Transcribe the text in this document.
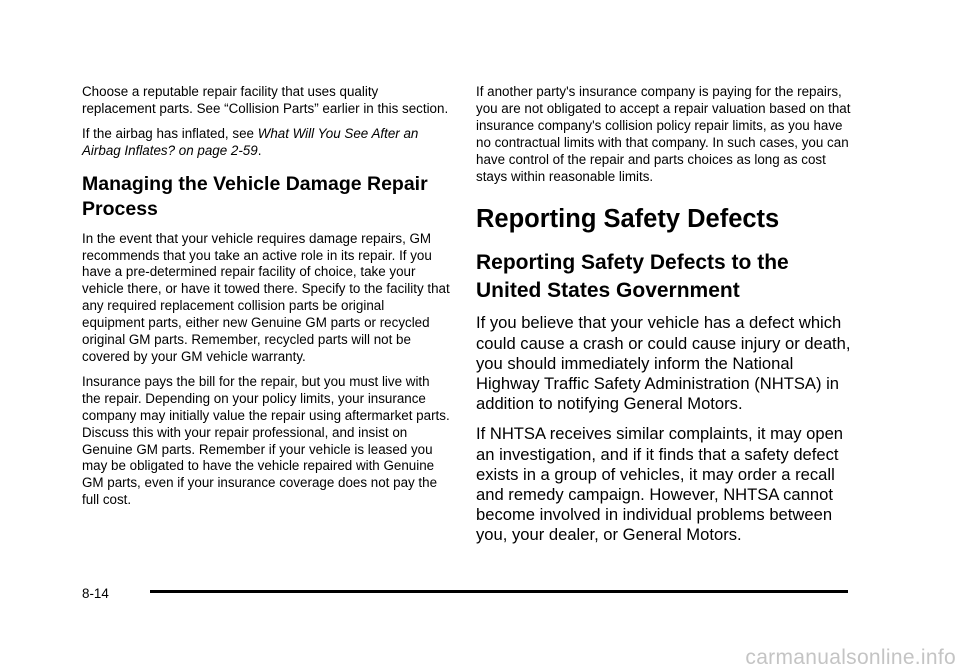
Choose a reputable repair facility that uses quality replacement parts. See “Collision Parts” earlier in this section.

If the airbag has inflated, see What Will You See After an Airbag Inflates? on page 2-59.

Managing the Vehicle Damage Repair Process

In the event that your vehicle requires damage repairs, GM recommends that you take an active role in its repair. If you have a pre-determined repair facility of choice, take your vehicle there, or have it towed there. Specify to the facility that any required replacement collision parts be original equipment parts, either new Genuine GM parts or recycled original GM parts. Remember, recycled parts will not be covered by your GM vehicle warranty.

Insurance pays the bill for the repair, but you must live with the repair. Depending on your policy limits, your insurance company may initially value the repair using aftermarket parts. Discuss this with your repair professional, and insist on Genuine GM parts. Remember if your vehicle is leased you may be obligated to have the vehicle repaired with Genuine GM parts, even if your insurance coverage does not pay the full cost.

If another party's insurance company is paying for the repairs, you are not obligated to accept a repair valuation based on that insurance company's collision policy repair limits, as you have no contractual limits with that company. In such cases, you can have control of the repair and parts choices as long as cost stays within reasonable limits.

Reporting Safety Defects
Reporting Safety Defects to the United States Government

If you believe that your vehicle has a defect which could cause a crash or could cause injury or death, you should immediately inform the National Highway Traffic Safety Administration (NHTSA) in addition to notifying General Motors.

If NHTSA receives similar complaints, it may open an investigation, and if it finds that a safety defect exists in a group of vehicles, it may order a recall and remedy campaign. However, NHTSA cannot become involved in individual problems between you, your dealer, or General Motors.

8-14
carmanualsonline.info
